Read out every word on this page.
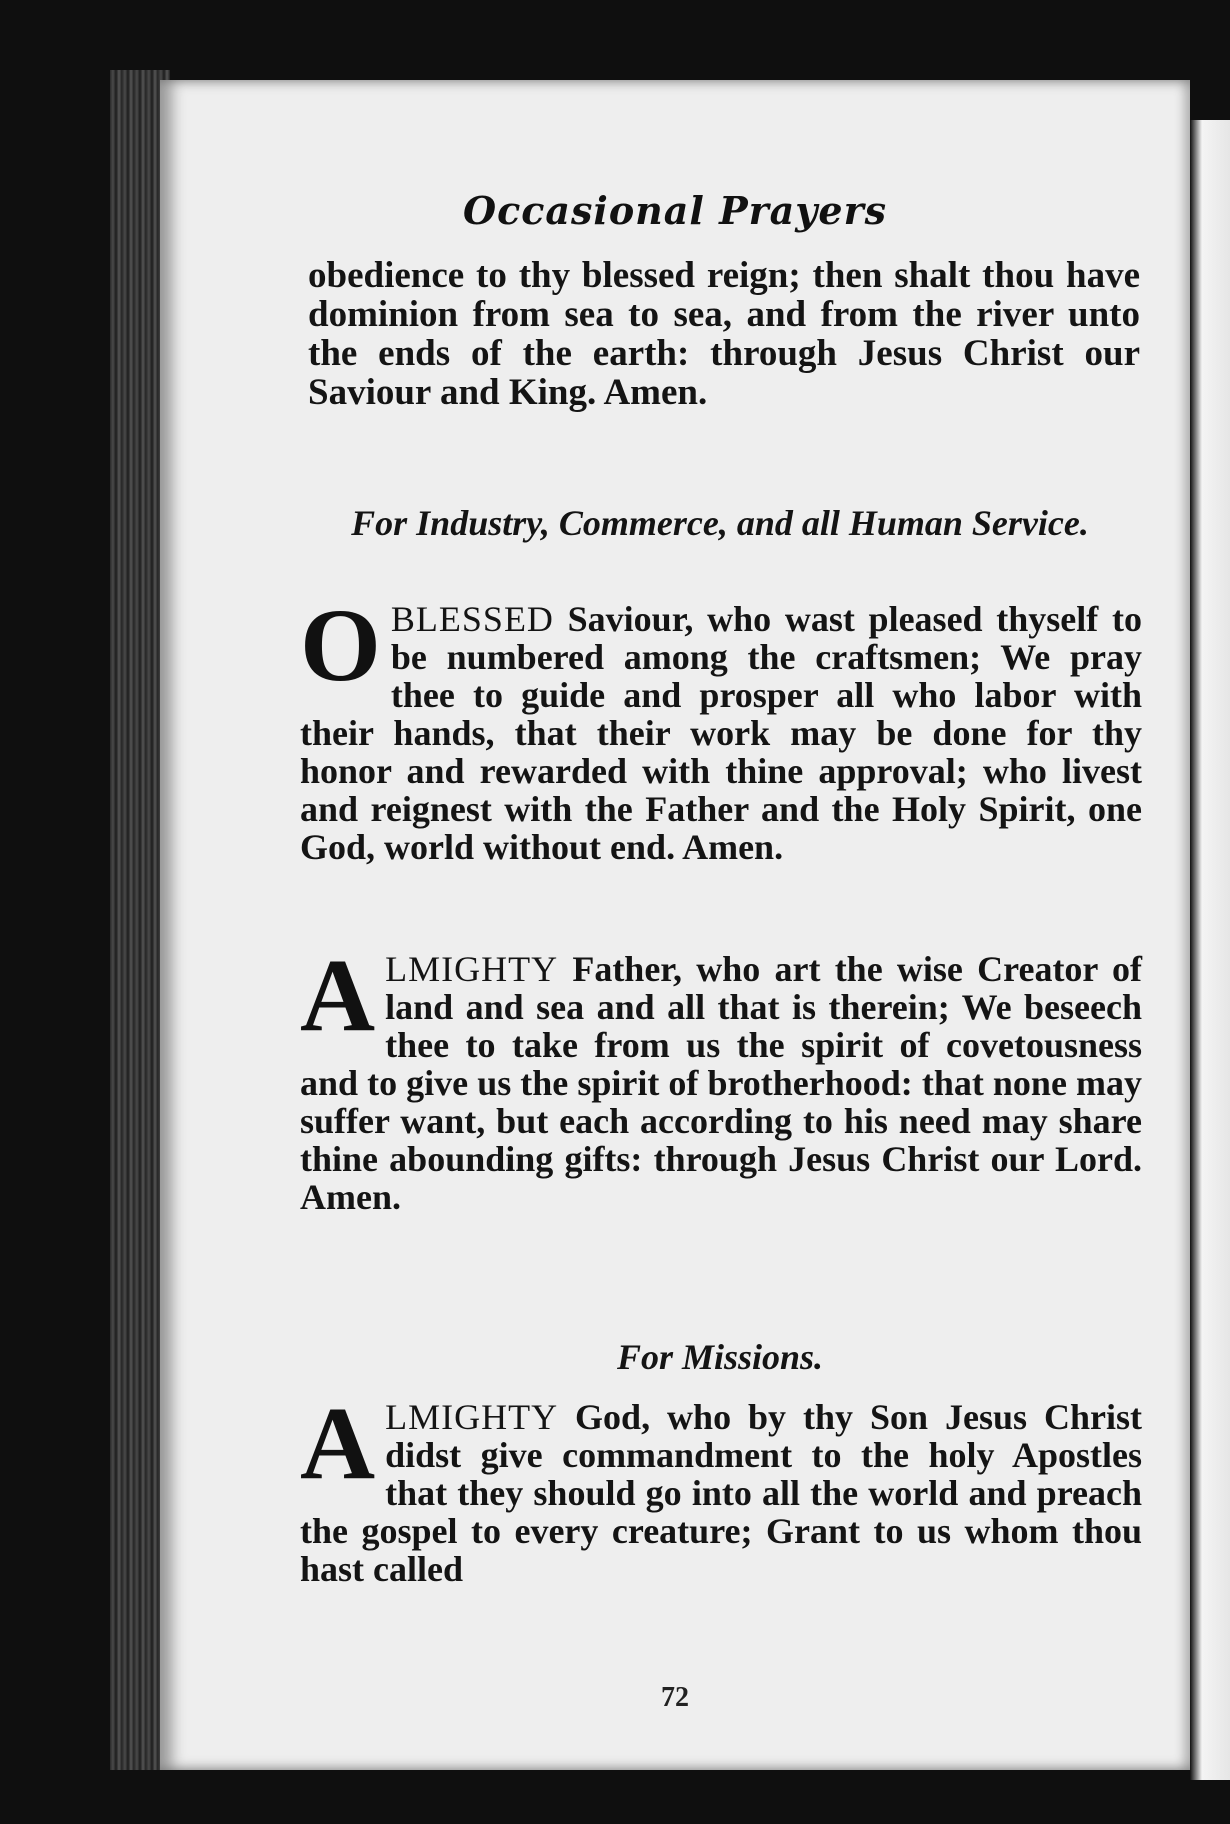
Occasional Prayers

obedience to thy blessed reign; then shalt thou have dominion from sea to sea, and from the river unto the ends of the earth: through Jesus Christ our Saviour and King. Amen.

For Industry, Commerce, and all Human Service.

OBLESSED Saviour, who wast pleased thyself to be numbered among the craftsmen; We pray thee to guide and prosper all who labor with their hands, that their work may be done for thy honor and rewarded with thine approval; who livest and reignest with the Father and the Holy Spirit, one God, world without end. Amen.

ALMIGHTY Father, who art the wise Creator of land and sea and all that is therein; We beseech thee to take from us the spirit of covetousness and to give us the spirit of brotherhood: that none may suffer want, but each according to his need may share thine abounding gifts: through Jesus Christ our Lord. Amen.

For Missions.

ALMIGHTY God, who by thy Son Jesus Christ didst give commandment to the holy Apostles that they should go into all the world and preach the gospel to every creature; Grant to us whom thou hast called

72
